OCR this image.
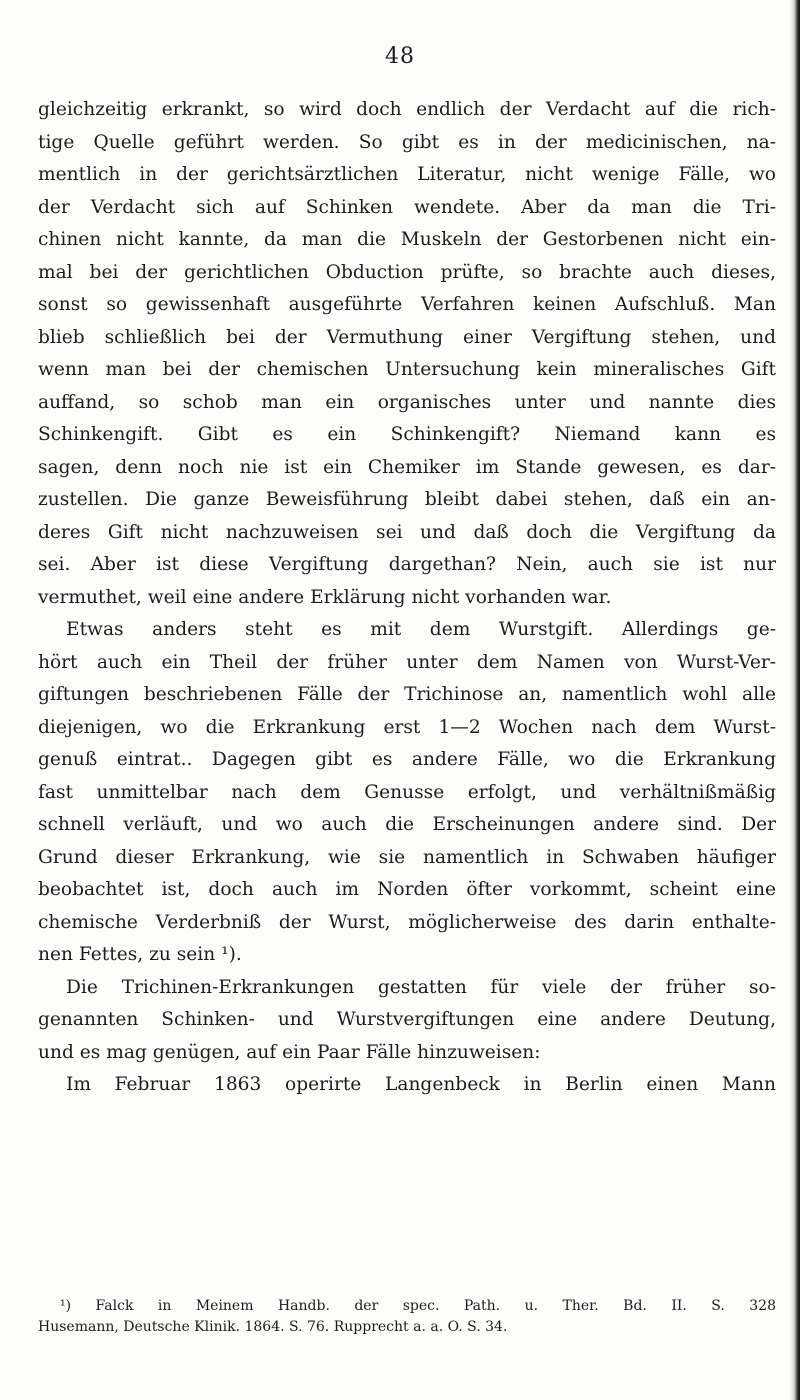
48
gleichzeitig erkrankt, so wird doch endlich der Verdacht auf die rich-
tige Quelle geführt werden. So gibt es in der medicinischen, na-
mentlich in der gerichtsärztlichen Literatur, nicht wenige Fälle, wo
der Verdacht sich auf Schinken wendete. Aber da man die Tri-
chinen nicht kannte, da man die Muskeln der Gestorbenen nicht ein-
mal bei der gerichtlichen Obduction prüfte, so brachte auch dieses,
sonst so gewissenhaft ausgeführte Verfahren keinen Aufschluß. Man
blieb schließlich bei der Vermuthung einer Vergiftung stehen, und
wenn man bei der chemischen Untersuchung kein mineralisches Gift
auffand, so schob man ein organisches unter und nannte dies
Schinkengift. Gibt es ein Schinkengift? Niemand kann es
sagen, denn noch nie ist ein Chemiker im Stande gewesen, es dar-
zustellen. Die ganze Beweisführung bleibt dabei stehen, daß ein an-
deres Gift nicht nachzuweisen sei und daß doch die Vergiftung da
sei. Aber ist diese Vergiftung dargethan? Nein, auch sie ist nur
vermuthet, weil eine andere Erklärung nicht vorhanden war.
Etwas anders steht es mit dem Wurstgift. Allerdings ge-
hört auch ein Theil der früher unter dem Namen von Wurst-Ver-
giftungen beschriebenen Fälle der Trichinose an, namentlich wohl alle
diejenigen, wo die Erkrankung erst 1—2 Wochen nach dem Wurst-
genuß eintrat.. Dagegen gibt es andere Fälle, wo die Erkrankung
fast unmittelbar nach dem Genusse erfolgt, und verhältnißmäßig
schnell verläuft, und wo auch die Erscheinungen andere sind. Der
Grund dieser Erkrankung, wie sie namentlich in Schwaben häufiger
beobachtet ist, doch auch im Norden öfter vorkommt, scheint eine
chemische Verderbniß der Wurst, möglicherweise des darin enthalte-
nen Fettes, zu sein ¹).
Die Trichinen-Erkrankungen gestatten für viele der früher so-
genannten Schinken- und Wurstvergiftungen eine andere Deutung,
und es mag genügen, auf ein Paar Fälle hinzuweisen:
Im Februar 1863 operirte Langenbeck in Berlin einen Mann
¹) Falck in Meinem Handb. der spec. Path. u. Ther. Bd. II. S. 328
Husemann, Deutsche Klinik. 1864. S. 76. Rupprecht a. a. O. S. 34.
